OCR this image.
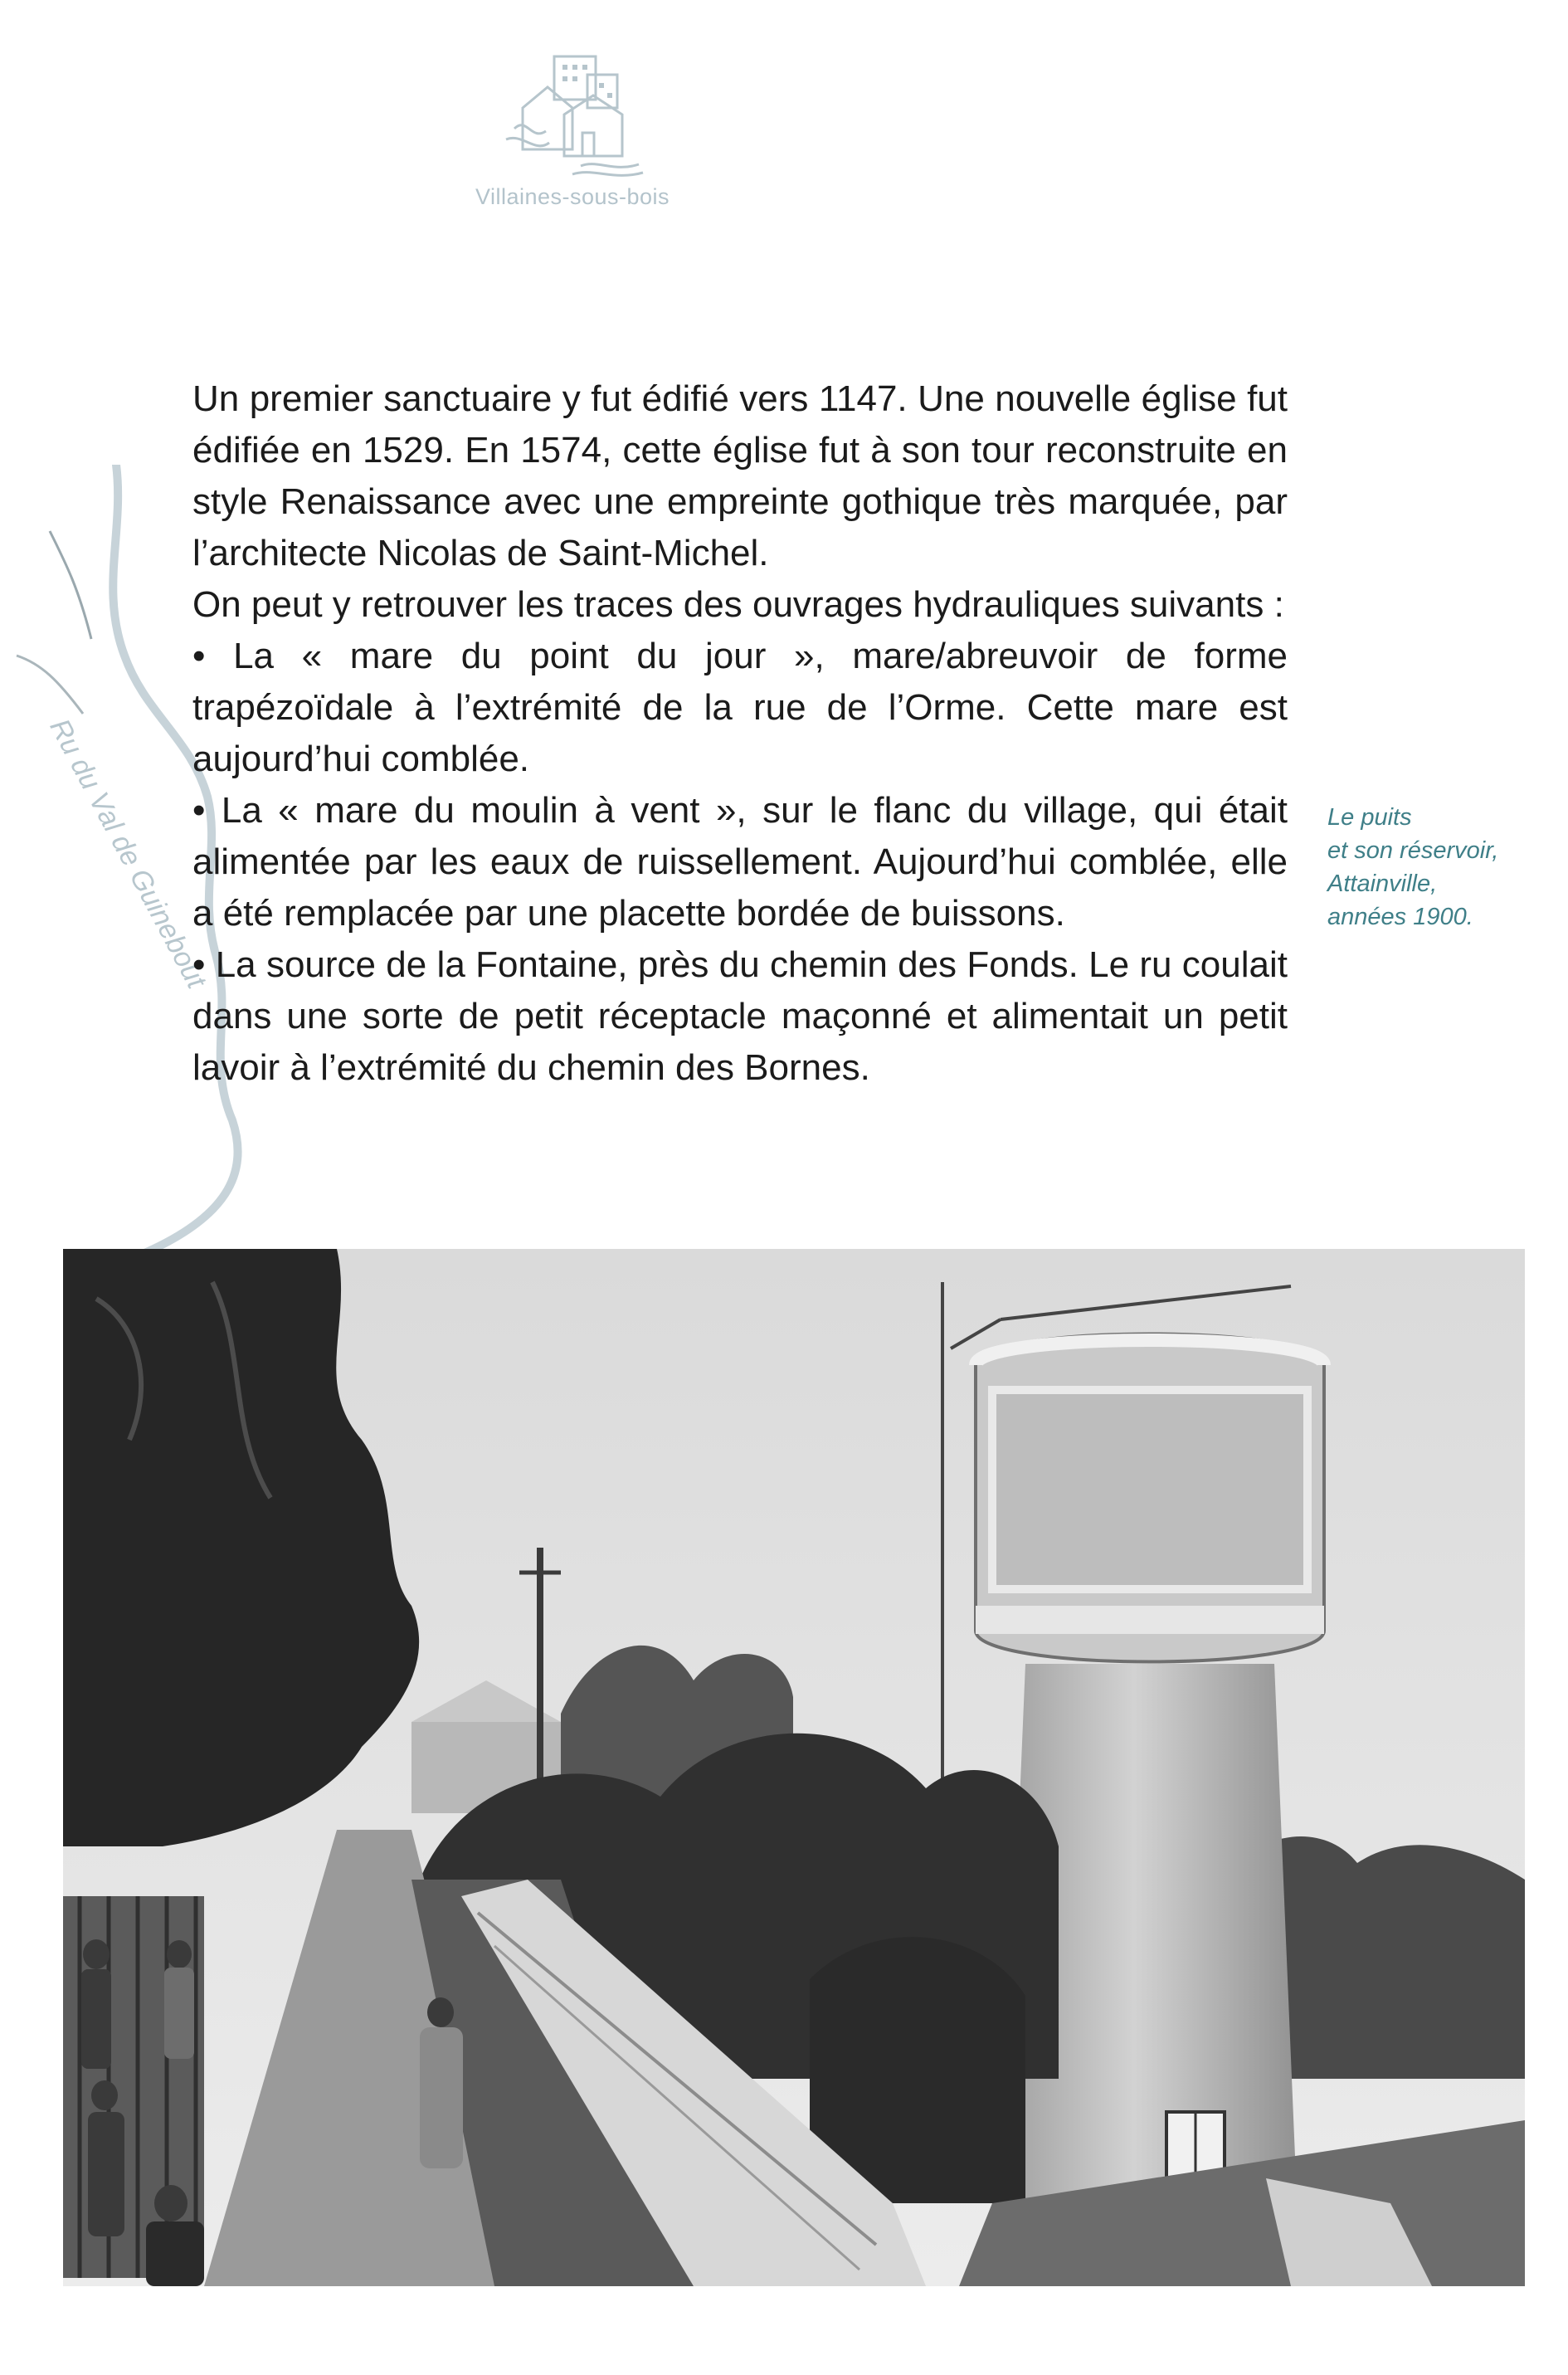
Villaines-sous-bois
Ru du Val de Guinebout

Un premier sanctuaire y fut édifié vers 1147. Une nouvelle église fut édifiée en 1529. En 1574, cette église fut à son tour reconstruite en style Renaissance avec une empreinte gothique très marquée, par l’architecte Nicolas de Saint-Michel.

On peut y retrouver les traces des ouvrages hydrauliques suivants :

• La « mare du point du jour », mare/abreuvoir de forme trapézoïdale à l’extrémité de la rue de l’Orme. Cette mare est aujourd’hui comblée.

• La « mare du moulin à vent », sur le flanc du village, qui était alimentée par les eaux de ruissellement. Aujourd’hui comblée, elle a été remplacée par une placette bordée de buissons.

• La source de la Fontaine, près du chemin des Fonds. Le ru coulait dans une sorte de petit réceptacle maçonné et alimentait un petit lavoir à l’extrémité du chemin des Bornes.

Le puits
et son réservoir,
Attainville,
années 1900.
